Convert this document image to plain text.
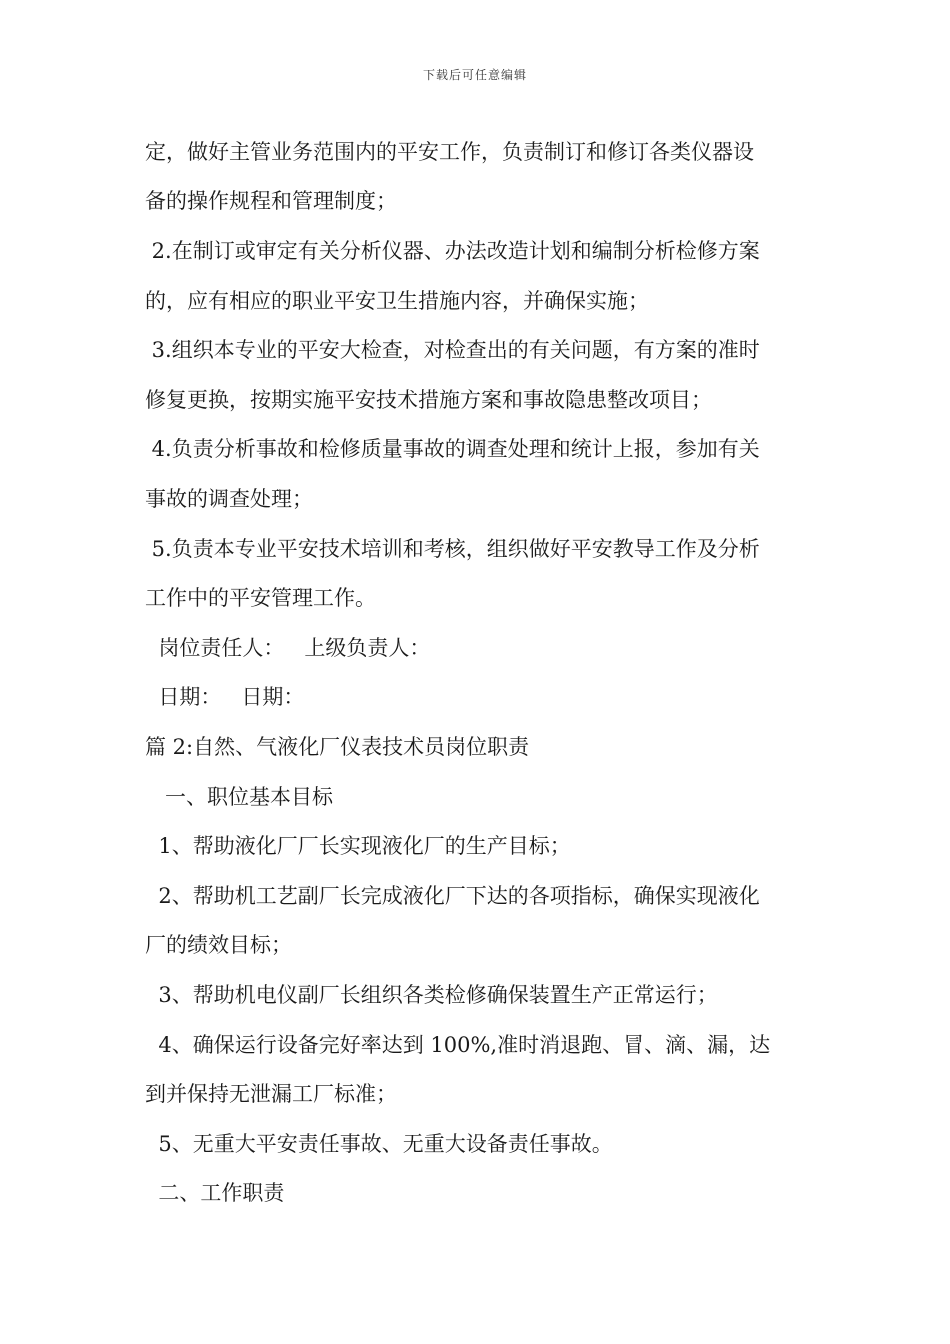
下载后可任意编辑
定，做好主管业务范围内的平安工作，负责制订和修订各类仪器设
备的操作规程和管理制度；
2.在制订或审定有关分析仪器、办法改造计划和编制分析检修方案
的，应有相应的职业平安卫生措施内容，并确保实施；
3.组织本专业的平安大检查，对检查出的有关问题，有方案的准时
修复更换，按期实施平安技术措施方案和事故隐患整改项目；
4.负责分析事故和检修质量事故的调查处理和统计上报，参加有关
事故的调查处理；
5.负责本专业平安技术培训和考核，组织做好平安教导工作及分析
工作中的平安管理工作。
岗位责任人：   上级负责人：
日期：   日期：
篇 2:自然、气液化厂仪表技术员岗位职责
一、职位基本目标
1、帮助液化厂厂长实现液化厂的生产目标；
2、帮助机工艺副厂长完成液化厂下达的各项指标，确保实现液化
厂的绩效目标；
3、帮助机电仪副厂长组织各类检修确保装置生产正常运行；
4、确保运行设备完好率达到 100%,准时消退跑、冒、滴、漏，达
到并保持无泄漏工厂标准；
5、无重大平安责任事故、无重大设备责任事故。
二、工作职责
